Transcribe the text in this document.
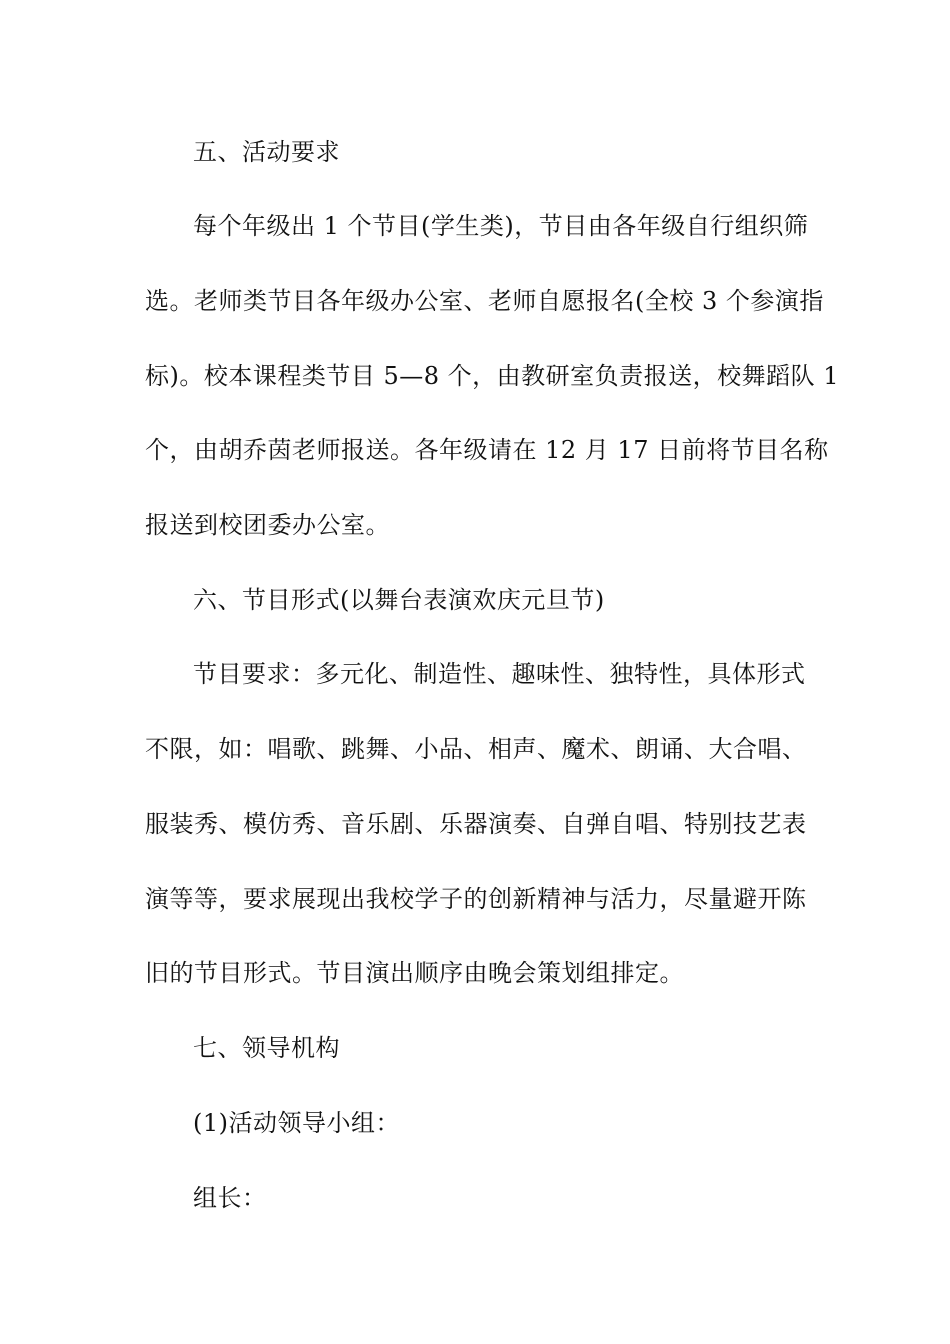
五、活动要求
每个年级出 1 个节目(学生类)，节目由各年级自行组织筛
选。老师类节目各年级办公室、老师自愿报名(全校 3 个参演指
标)。校本课程类节目 5—8 个，由教研室负责报送，校舞蹈队 1
个，由胡乔茵老师报送。各年级请在 12 月 17 日前将节目名称
报送到校团委办公室。
六、节目形式(以舞台表演欢庆元旦节)
节目要求：多元化、制造性、趣味性、独特性，具体形式
不限，如：唱歌、跳舞、小品、相声、魔术、朗诵、大合唱、
服装秀、模仿秀、音乐剧、乐器演奏、自弹自唱、特别技艺表
演等等，要求展现出我校学子的创新精神与活力，尽量避开陈
旧的节目形式。节目演出顺序由晚会策划组排定。
七、领导机构
(1)活动领导小组：
组长：
